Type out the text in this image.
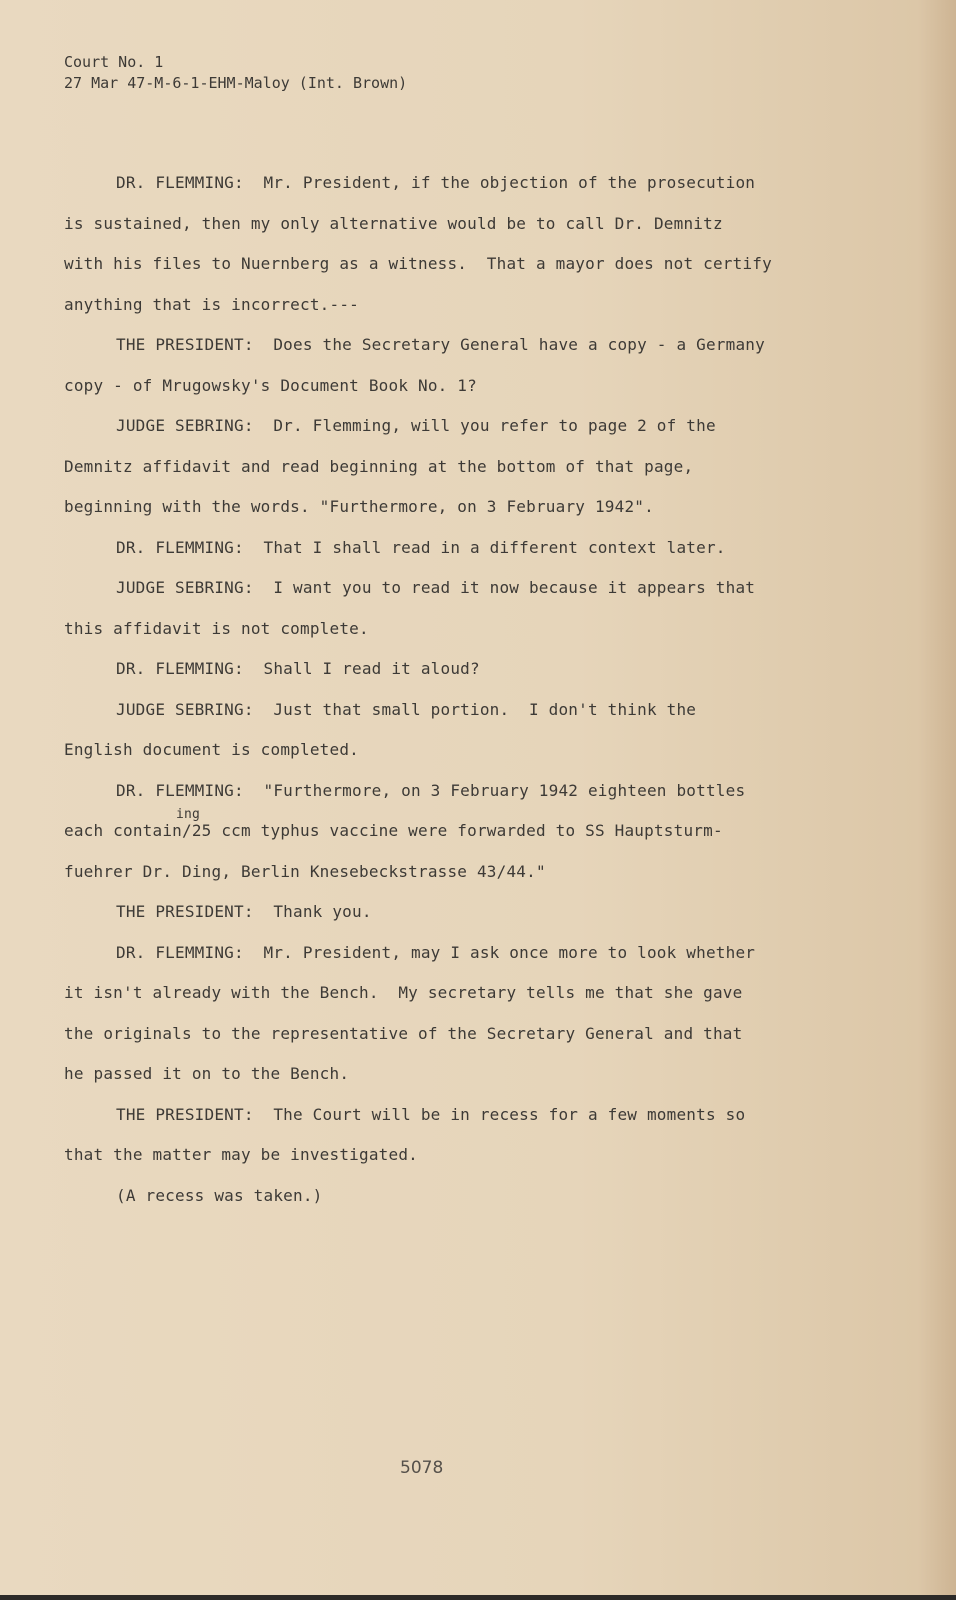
Court No. 1
27 Mar 47-M-6-1-EHM-Maloy (Int. Brown)
DR. FLEMMING:  Mr. President, if the objection of the prosecution
is sustained, then my only alternative would be to call Dr. Demnitz
with his files to Nuernberg as a witness.  That a mayor does not certify
anything that is incorrect.---
THE PRESIDENT:  Does the Secretary General have a copy - a Germany
copy - of Mrugowsky's Document Book No. 1?
JUDGE SEBRING:  Dr. Flemming, will you refer to page 2 of the
Demnitz affidavit and read beginning at the bottom of that page,
beginning with the words. "Furthermore, on 3 February 1942".
DR. FLEMMING:  That I shall read in a different context later.
JUDGE SEBRING:  I want you to read it now because it appears that
this affidavit is not complete.
DR. FLEMMING:  Shall I read it aloud?
JUDGE SEBRING:  Just that small portion.  I don't think the
English document is completed.
DR. FLEMMING:  "Furthermore, on 3 February 1942 eighteen bottles
ing
each contain/25 ccm typhus vaccine were forwarded to SS Hauptsturm-
fuehrer Dr. Ding, Berlin Knesebeckstrasse 43/44."
THE PRESIDENT:  Thank you.
DR. FLEMMING:  Mr. President, may I ask once more to look whether
it isn't already with the Bench.  My secretary tells me that she gave
the originals to the representative of the Secretary General and that
he passed it on to the Bench.
THE PRESIDENT:  The Court will be in recess for a few moments so
that the matter may be investigated.
(A recess was taken.)
5078
